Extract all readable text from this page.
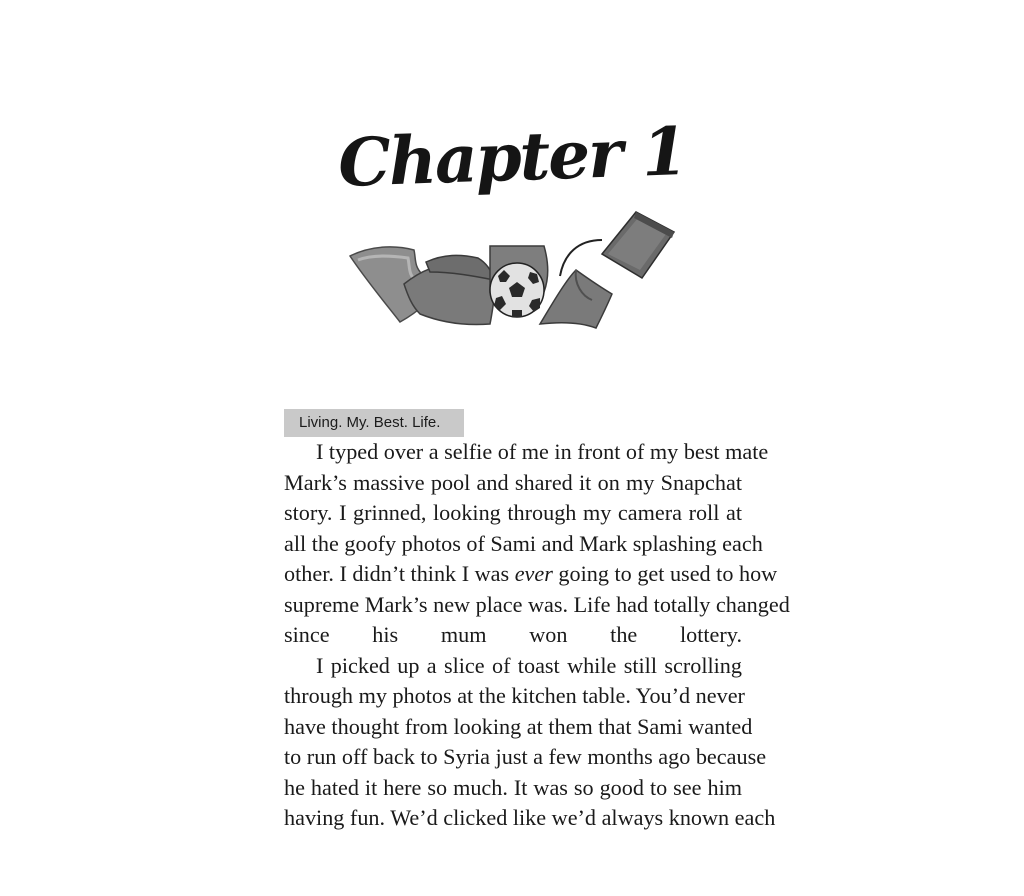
Chapter 1
Living. My. Best. Life.

I typed over a selfie of me in front of my best mate
Mark’s massive pool and shared it on my Snapchat
story. I grinned, looking through my camera roll at
all the goofy photos of Sami and Mark splashing each
other. I didn’t think I was ever going to get used to how
supreme Mark’s new place was. Life had totally changed
since his mum won the lottery.

I picked up a slice of toast while still scrolling
through my photos at the kitchen table. You’d never
have thought from looking at them that Sami wanted
to run off back to Syria just a few months ago because
he hated it here so much. It was so good to see him
having fun. We’d clicked like we’d always known each
